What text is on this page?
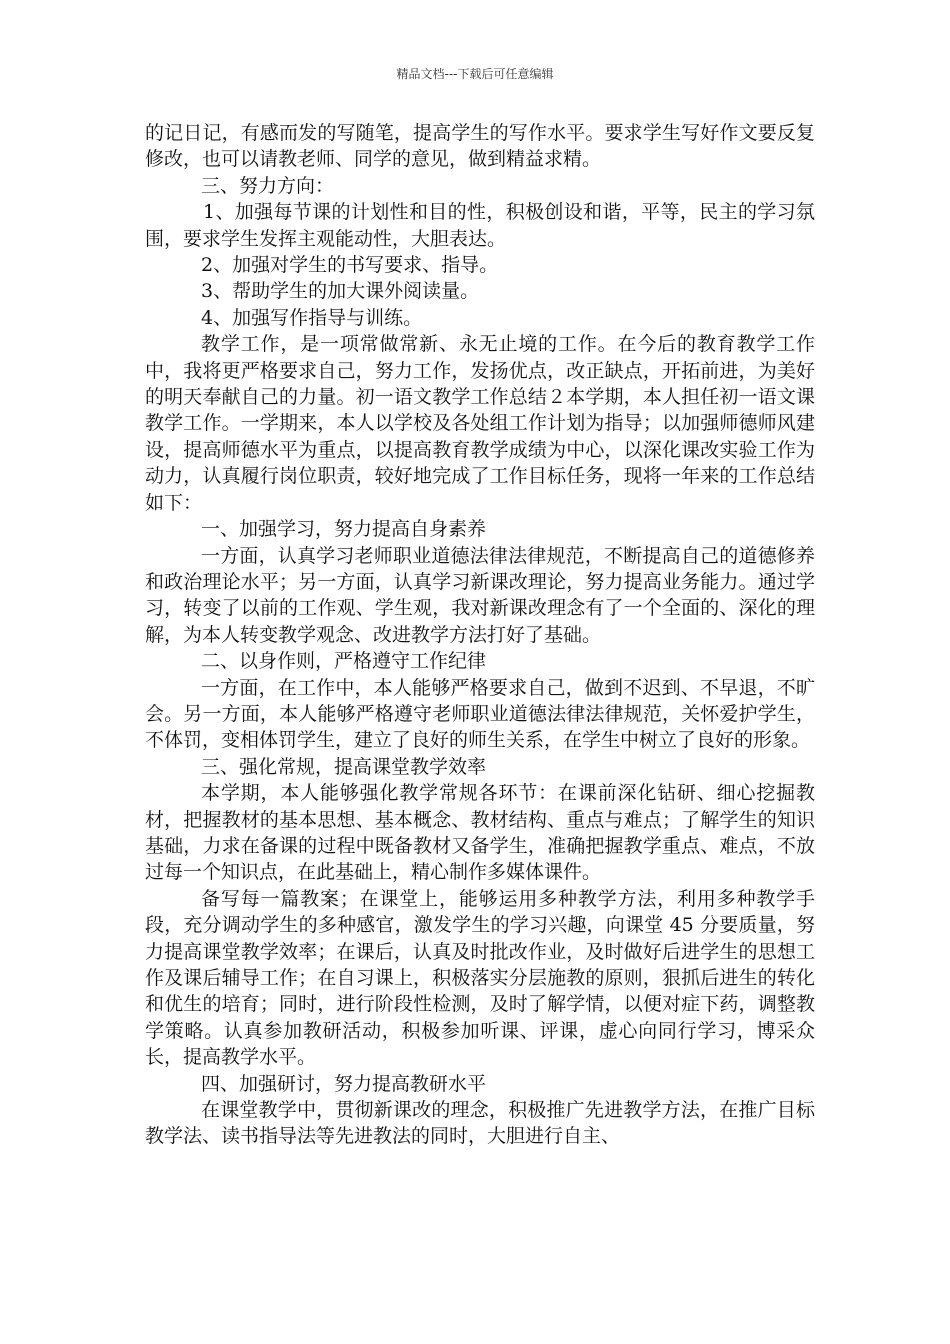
精品文档---下载后可任意编辑

的记日记，有感而发的写随笔，提高学生的写作水平。要求学生写好作文要反复修改，也可以请教老师、同学的意见，做到精益求精。

三、努力方向：

1、加强每节课的计划性和目的性，积极创设和谐，平等，民主的学习氛围，要求学生发挥主观能动性，大胆表达。

2、加强对学生的书写要求、指导。

3、帮助学生的加大课外阅读量。

4、加强写作指导与训练。

教学工作，是一项常做常新、永无止境的工作。在今后的教育教学工作中，我将更严格要求自己，努力工作，发扬优点，改正缺点，开拓前进，为美好的明天奉献自己的力量。初一语文教学工作总结２本学期，本人担任初一语文课教学工作。一学期来，本人以学校及各处组工作计划为指导；以加强师德师风建设，提高师德水平为重点，以提高教育教学成绩为中心，以深化课改实验工作为动力，认真履行岗位职责，较好地完成了工作目标任务，现将一年来的工作总结如下：

一、加强学习，努力提高自身素养

一方面，认真学习老师职业道德法律法律规范，不断提高自己的道德修养和政治理论水平；另一方面，认真学习新课改理论，努力提高业务能力。通过学习，转变了以前的工作观、学生观，我对新课改理念有了一个全面的、深化的理解，为本人转变教学观念、改进教学方法打好了基础。

二、以身作则，严格遵守工作纪律

一方面，在工作中，本人能够严格要求自己，做到不迟到、不早退，不旷会。另一方面，本人能够严格遵守老师职业道德法律法律规范，关怀爱护学生，不体罚，变相体罚学生，建立了良好的师生关系，在学生中树立了良好的形象。

三、强化常规，提高课堂教学效率

本学期，本人能够强化教学常规各环节：在课前深化钻研、细心挖掘教材，把握教材的基本思想、基本概念、教材结构、重点与难点；了解学生的知识基础，力求在备课的过程中既备教材又备学生，准确把握教学重点、难点，不放过每一个知识点，在此基础上，精心制作多媒体课件。

备写每一篇教案；在课堂上，能够运用多种教学方法，利用多种教学手段，充分调动学生的多种感官，激发学生的学习兴趣，向课堂 45 分要质量，努力提高课堂教学效率；在课后，认真及时批改作业，及时做好后进学生的思想工作及课后辅导工作；在自习课上，积极落实分层施教的原则，狠抓后进生的转化和优生的培育；同时，进行阶段性检测，及时了解学情，以便对症下药，调整教学策略。认真参加教研活动，积极参加听课、评课，虚心向同行学习，博采众长，提高教学水平。

四、加强研讨，努力提高教研水平

在课堂教学中，贯彻新课改的理念，积极推广先进教学方法，在推广目标教学法、读书指导法等先进教法的同时，大胆进行自主、
